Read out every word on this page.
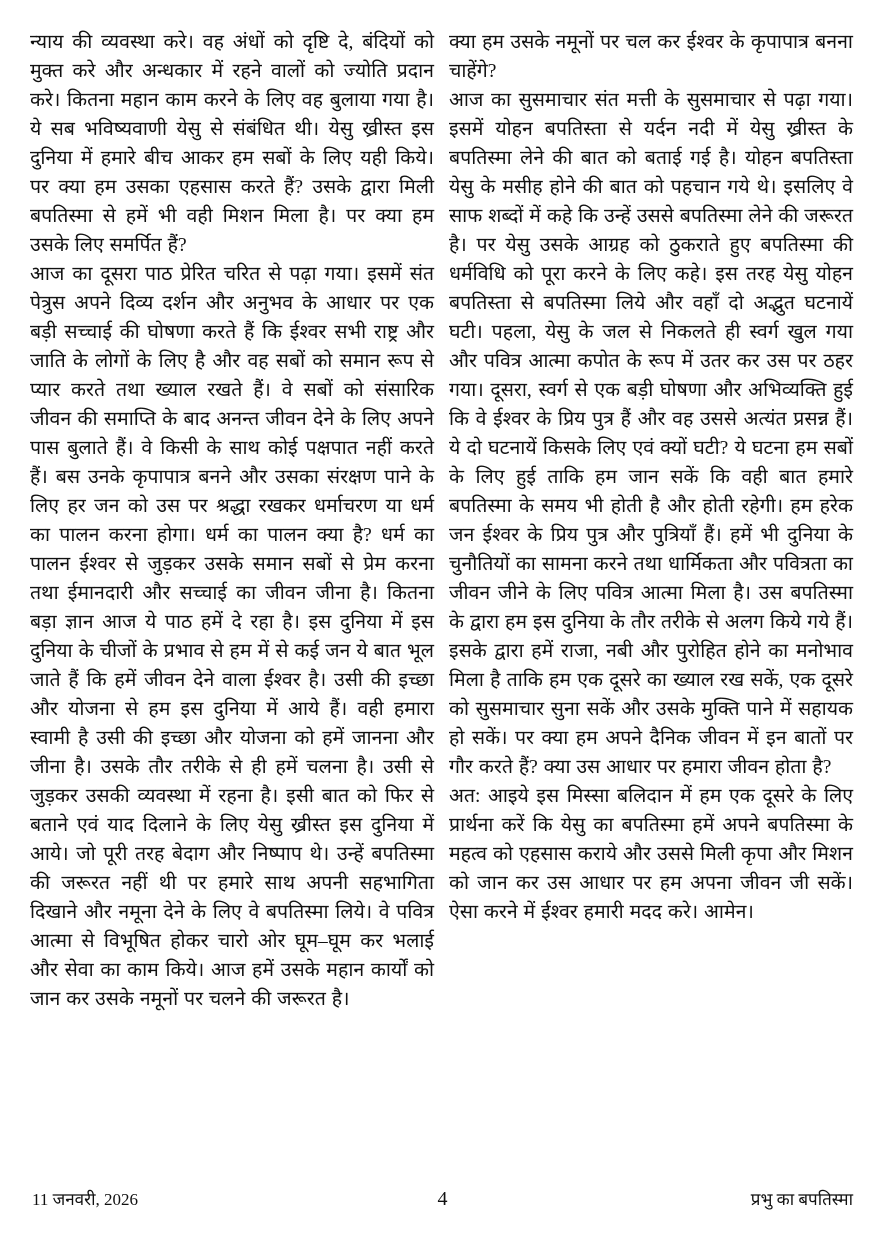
न्याय की व्यवस्था करे। वह अंधों को दृष्टि दे, बंदियों को मुक्त करे और अन्धकार में रहने वालों को ज्योति प्रदान करे। कितना महान काम करने के लिए वह बुलाया गया है। ये सब भविष्यवाणी येसु से संबंधित थी। येसु ख्रीस्त इस दुनिया में हमारे बीच आकर हम सबों के लिए यही किये। पर क्या हम उसका एहसास करते हैं? उसके द्वारा मिली बपतिस्मा से हमें भी वही मिशन मिला है। पर क्या हम उसके लिए समर्पित हैं?

आज का दूसरा पाठ प्रेरित चरित से पढ़ा गया। इसमें संत पेत्रुस अपने दिव्य दर्शन और अनुभव के आधार पर एक बड़ी सच्चाई की घोषणा करते हैं कि ईश्वर सभी राष्ट्र और जाति के लोगों के लिए है और वह सबों को समान रूप से प्यार करते तथा ख्याल रखते हैं। वे सबों को संसारिक जीवन की समाप्ति के बाद अनन्त जीवन देने के लिए अपने पास बुलाते हैं। वे किसी के साथ कोई पक्षपात नहीं करते हैं। बस उनके कृपापात्र बनने और उसका संरक्षण पाने के लिए हर जन को उस पर श्रद्धा रखकर धर्माचरण या धर्म का पालन करना होगा। धर्म का पालन क्या है? धर्म का पालन ईश्वर से जुड़कर उसके समान सबों से प्रेम करना तथा ईमानदारी और सच्चाई का जीवन जीना है। कितना बड़ा ज्ञान आज ये पाठ हमें दे रहा है। इस दुनिया में इस दुनिया के चीजों के प्रभाव से हम में से कई जन ये बात भूल जाते हैं कि हमें जीवन देने वाला ईश्वर है। उसी की इच्छा और योजना से हम इस दुनिया में आये हैं। वही हमारा स्वामी है उसी की इच्छा और योजना को हमें जानना और जीना है। उसके तौर तरीके से ही हमें चलना है। उसी से जुड़कर उसकी व्यवस्था में रहना है। इसी बात को फिर से बताने एवं याद दिलाने के लिए येसु ख्रीस्त इस दुनिया में आये। जो पूरी तरह बेदाग और निष्पाप थे। उन्हें बपतिस्मा की जरूरत नहीं थी पर हमारे साथ अपनी सहभागिता दिखाने और नमूना देने के लिए वे बपतिस्मा लिये। वे पवित्र आत्मा से विभूषित होकर चारो ओर घूम–घूम कर भलाई और सेवा का काम किये। आज हमें उसके महान कार्यों को जान कर उसके नमूनों पर चलने की जरूरत है।

क्या हम उसके नमूनों पर चल कर ईश्वर के कृपापात्र बनना चाहेंगे?

आज का सुसमाचार संत मत्ती के सुसमाचार से पढ़ा गया। इसमें योहन बपतिस्ता से यर्दन नदी में येसु ख्रीस्त के बपतिस्मा लेने की बात को बताई गई है। योहन बपतिस्ता येसु के मसीह होने की बात को पहचान गये थे। इसलिए वे साफ शब्दों में कहे कि उन्हें उससे बपतिस्मा लेने की जरूरत है। पर येसु उसके आग्रह को ठुकराते हुए बपतिस्मा की धर्मविधि को पूरा करने के लिए कहे। इस तरह येसु योहन बपतिस्ता से बपतिस्मा लिये और वहाँ दो अद्भुत घटनायें घटी। पहला, येसु के जल से निकलते ही स्वर्ग खुल गया और पवित्र आत्मा कपोत के रूप में उतर कर उस पर ठहर गया। दूसरा, स्वर्ग से एक बड़ी घोषणा और अभिव्यक्ति हुई कि वे ईश्वर के प्रिय पुत्र हैं और वह उससे अत्यंत प्रसन्न हैं। ये दो घटनायें किसके लिए एवं क्यों घटी? ये घटना हम सबों के लिए हुई ताकि हम जान सकें कि वही बात हमारे बपतिस्मा के समय भी होती है और होती रहेगी। हम हरेक जन ईश्वर के प्रिय पुत्र और पुत्रियाँ हैं। हमें भी दुनिया के चुनौतियों का सामना करने तथा धार्मिकता और पवित्रता का जीवन जीने के लिए पवित्र आत्मा मिला है। उस बपतिस्मा के द्वारा हम इस दुनिया के तौर तरीके से अलग किये गये हैं। इसके द्वारा हमें राजा, नबी और पुरोहित होने का मनोभाव मिला है ताकि हम एक दूसरे का ख्याल रख सकें, एक दूसरे को सुसमाचार सुना सकें और उसके मुक्ति पाने में सहायक हो सकें। पर क्या हम अपने दैनिक जीवन में इन बातों पर गौर करते हैं? क्या उस आधार पर हमारा जीवन होता है?

अत: आइये इस मिस्सा बलिदान में हम एक दूसरे के लिए प्रार्थना करें कि येसु का बपतिस्मा हमें अपने बपतिस्मा के महत्व को एहसास कराये और उससे मिली कृपा और मिशन को जान कर उस आधार पर हम अपना जीवन जी सकें। ऐसा करने में ईश्वर हमारी मदद करे। आमेन।

11 जनवरी, 2026	4	प्रभु का बपतिस्मा
